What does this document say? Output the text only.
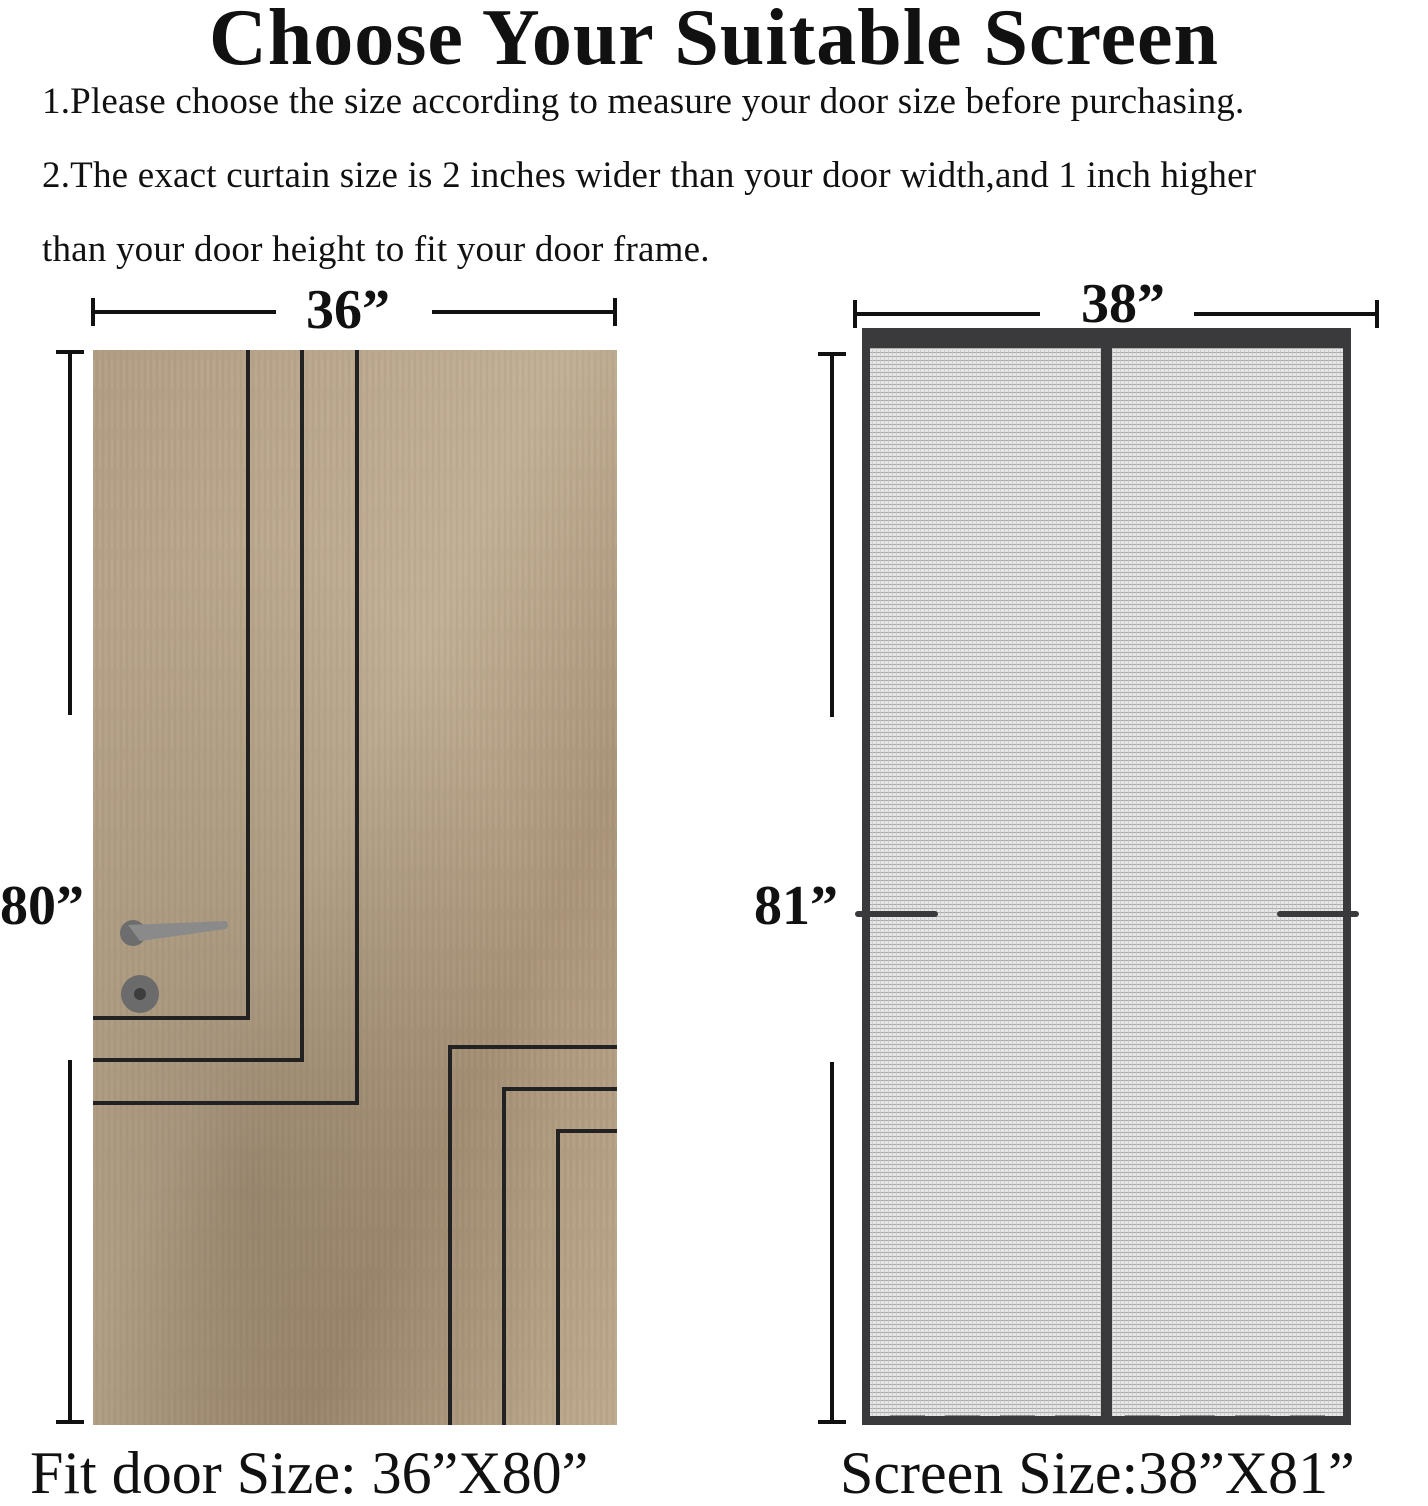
Choose Your Suitable Screen

1.Please choose the size according to measure your door size before purchasing.

2.The exact curtain size is 2 inches wider than your door width,and 1 inch higher

than your door height to fit your door frame.

36”

80”

38”

81”

Fit door Size: 36”X80”	Screen Size:38”X81”
